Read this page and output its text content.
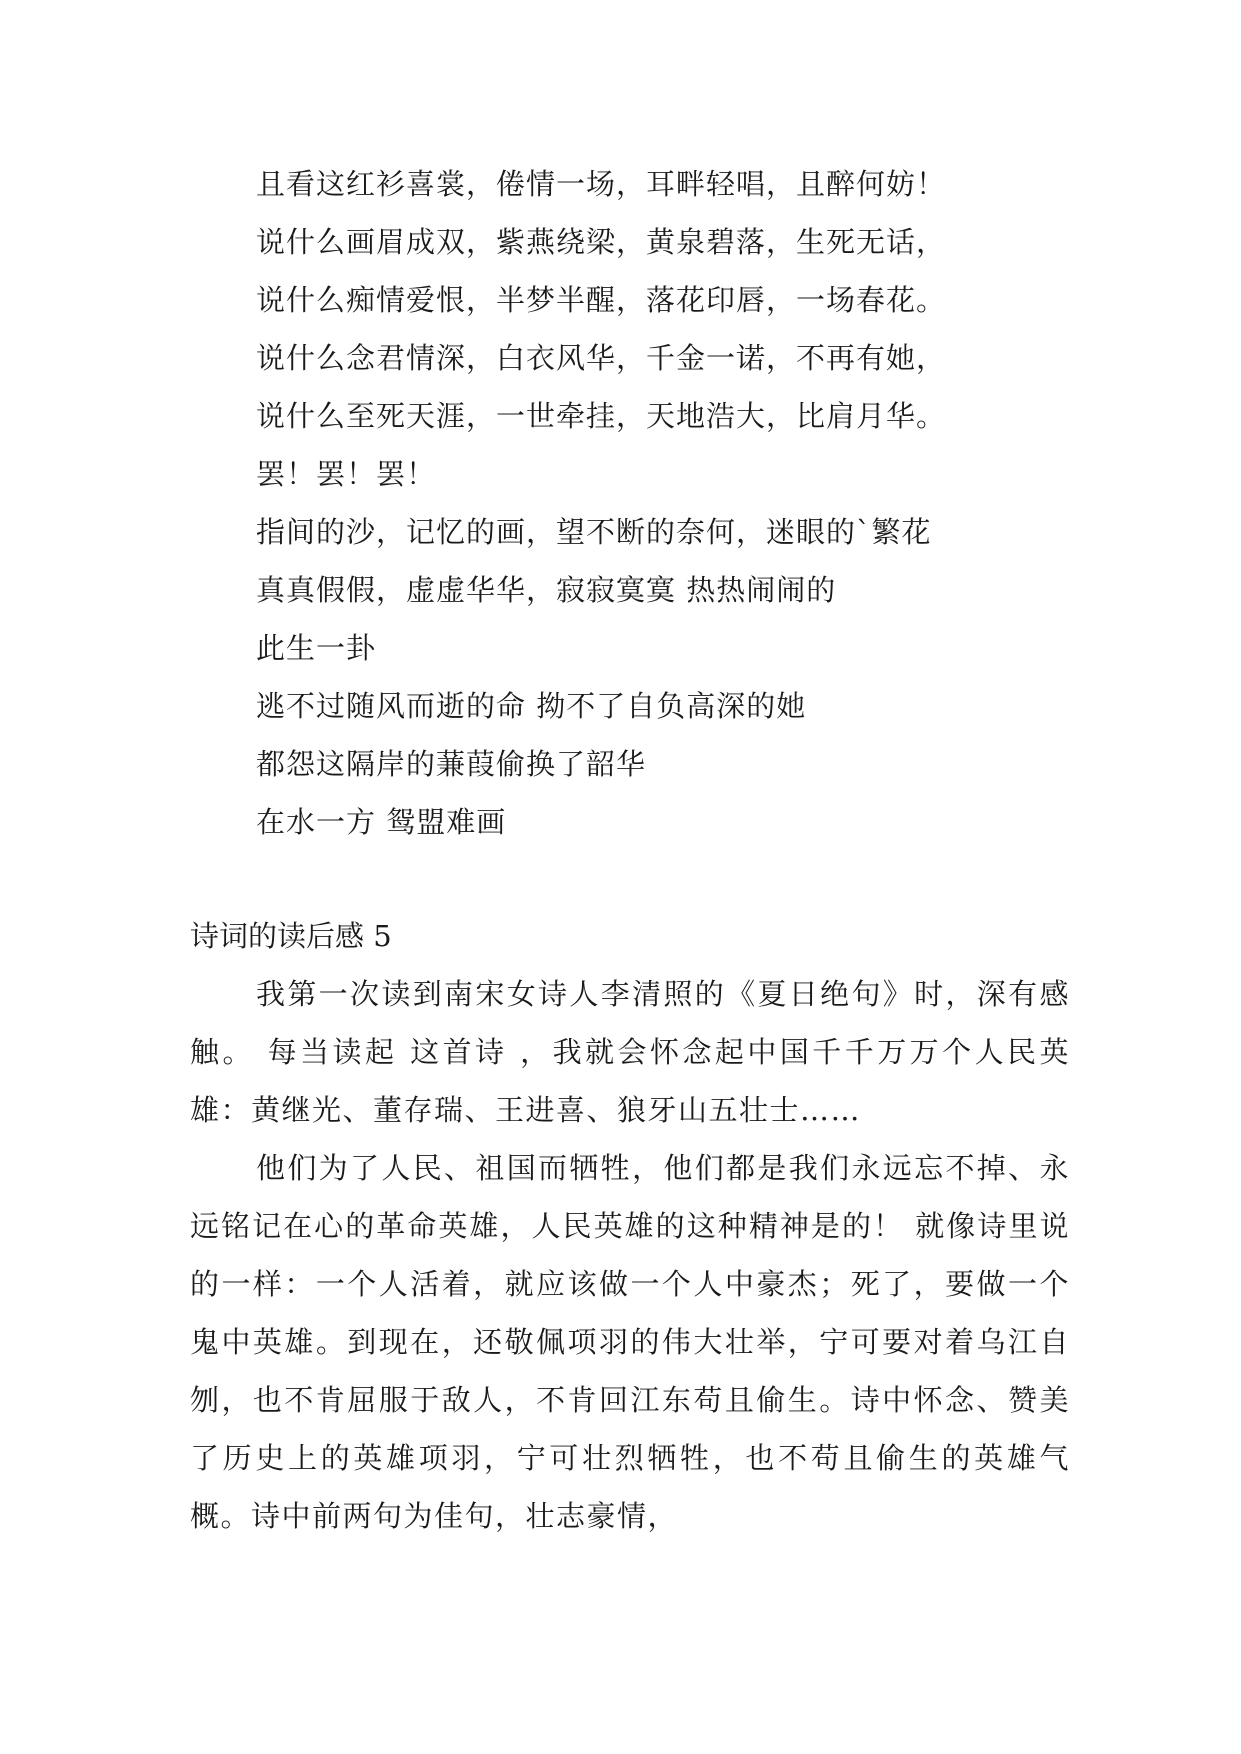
且看这红衫喜裳，倦情一场，耳畔轻唱，且醉何妨！
说什么画眉成双，紫燕绕梁，黄泉碧落，生死无话，
说什么痴情爱恨，半梦半醒，落花印唇，一场春花。
说什么念君情深，白衣风华，千金一诺，不再有她，
说什么至死天涯，一世牵挂，天地浩大，比肩月华。
罢！罢！罢！
指间的沙，记忆的画，望不断的奈何，迷眼的`繁花
真真假假，虚虚华华，寂寂寞寞 热热闹闹的
此生一卦
逃不过随风而逝的命 拗不了自负高深的她
都怨这隔岸的蒹葭偷换了韶华
在水一方 鸳盟难画
诗词的读后感 5

我第一次读到南宋女诗人李清照的《夏日绝句》时，深有感触。 每当读起 这首诗 ，我就会怀念起中国千千万万个人民英雄：黄继光、董存瑞、王进喜、狼牙山五壮士……

他们为了人民、祖国而牺牲，他们都是我们永远忘不掉、永远铭记在心的革命英雄，人民英雄的这种精神是的！ 就像诗里说的一样：一个人活着，就应该做一个人中豪杰；死了，要做一个鬼中英雄。到现在，还敬佩项羽的伟大壮举，宁可要对着乌江自刎，也不肯屈服于敌人，不肯回江东苟且偷生。诗中怀念、赞美了历史上的英雄项羽，宁可壮烈牺牲，也不苟且偷生的英雄气概。诗中前两句为佳句，壮志豪情，
